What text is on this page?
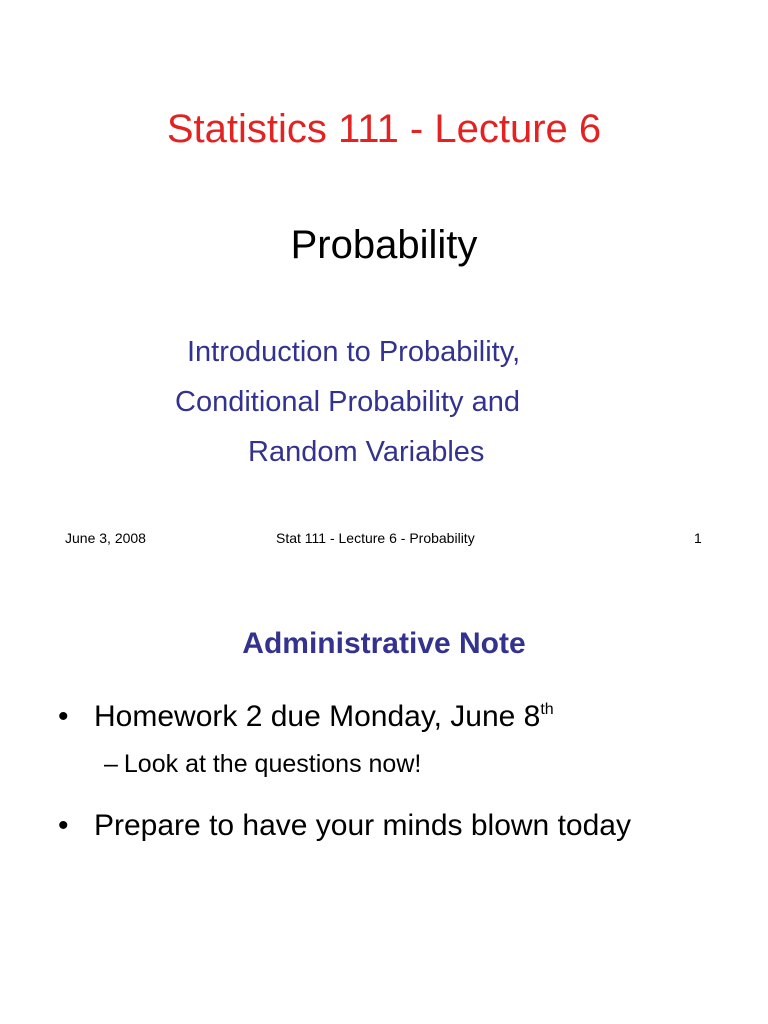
Statistics 111 - Lecture 6
Probability
Introduction to Probability,
Conditional Probability and
Random Variables
June 3, 2008	Stat 111 - Lecture 6 - Probability	1
Administrative Note
• Homework 2 due Monday, June 8th
– Look at the questions now!
• Prepare to have your minds blown today
